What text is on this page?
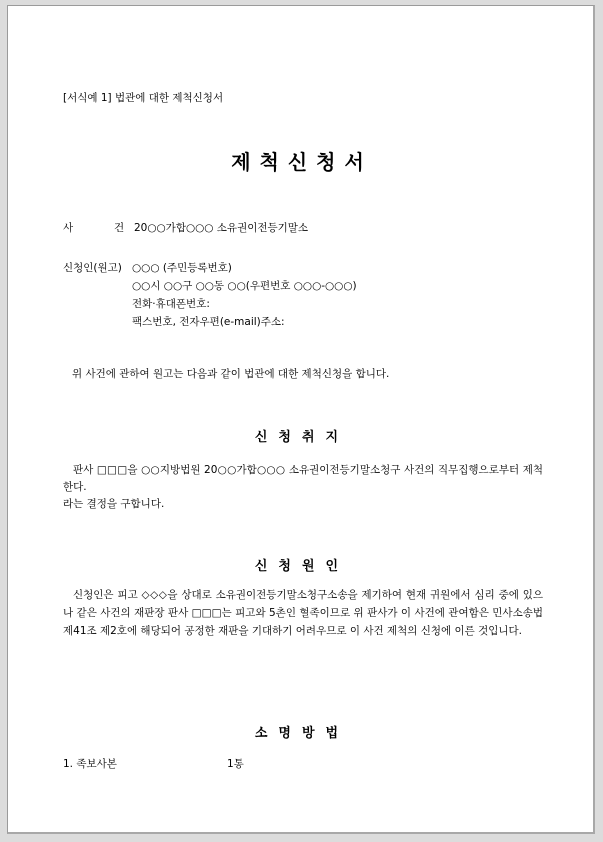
[서식예 1] 법관에 대한 제척신청서
제척신청서
사	건 20○○가합○○○ 소유권이전등기말소
신청인(원고) ○○○ (주민등록번호)
○○시 ○○구 ○○동 ○○(우편번호 ○○○-○○○)
전화·휴대폰번호:
팩스번호, 전자우편(e-mail)주소:
위 사건에 관하여 원고는 다음과 같이 법관에 대한 제척신청을 합니다.
신청취지

판사 □□□을 ○○지방법원 20○○가합○○○ 소유권이전등기말소청구 사건의 직무집행으로부터 제척한다.

라는 결정을 구합니다.

신청원인

신청인은 피고 ◇◇◇을 상대로 소유권이전등기말소청구소송을 제기하여 현재 귀원에서 심리 중에 있으나 같은 사건의 재판장 판사 □□□는 피고와 5촌인 혈족이므로 위 판사가 이 사건에 관여함은 민사소송법 제41조 제2호에 해당되어 공정한 재판을 기대하기 어려우므로 이 사건 제척의 신청에 이른 것입니다.

소명방법
1. 족보사본	1통
